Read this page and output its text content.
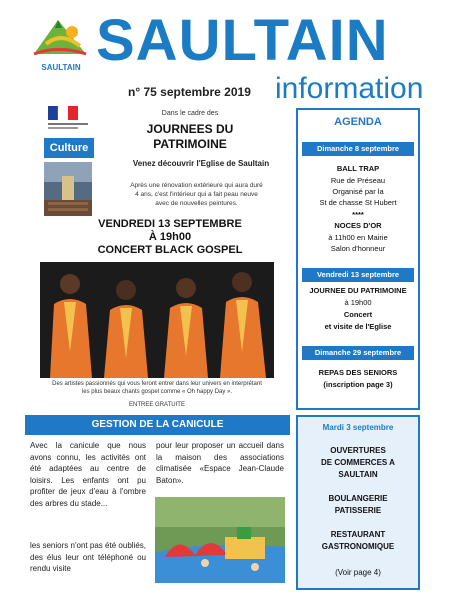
SAULTAIN SAULTAIN
information
n° 75 septembre 2019
Culture
Dans le cadre des
JOURNEES DU
PATRIMOINE
Venez découvrir l'Eglise de Saultain
Après une rénovation extérieure qui aura duré
4 ans, c'est l'intérieur qui a fait peau neuve
avec de nouvelles peintures.
VENDREDI 13 SEPTEMBRE
À 19h00
CONCERT BLACK GOSPEL
Des artistes passionnés qui vous feront entrer dans leur univers en interprétant
les plus beaux chants gospel comme « Oh happy Day ».
ENTREE GRATUITE
GESTION DE LA CANICULE
Avec la canicule que nous avons connu, les activités ont été adaptées au centre de loisirs. Les enfants ont pu profiter de jeux d'eau à l'ombre des arbres du stade...
les seniors n'ont pas été oubliés, des élus leur ont téléphoné ou rendu visite
pour leur proposer un accueil dans la maison des associations climatisée «Espace Jean-Claude Baton».
AGENDA
Dimanche 8 septembre
BALL TRAP
Rue de Préseau
Organisé par la
St de chasse St Hubert
****
NOCES D'OR
à 11h00 en Mairie
Salon d'honneur
Vendredi 13 septembre
JOURNEE DU PATRIMOINE
à 19h00
Concert
et visite de l'Eglise
Dimanche 29 septembre
REPAS DES SENIORS
(inscription page 3)
Mardi 3 septembre
OUVERTURES
DE COMMERCES A
SAULTAIN
BOULANGERIE
PATISSERIE
RESTAURANT
GASTRONOMIQUE
(Voir page 4)
